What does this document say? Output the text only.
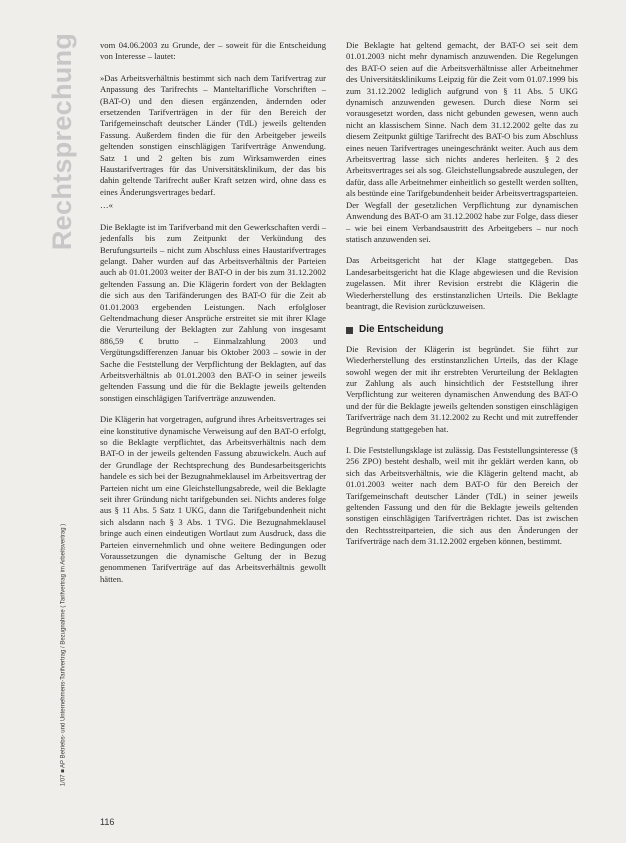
Rechtsprechung
1/07 ■ AP Betriebs- und Unternehmens-Tarifvertrag / Bezugnahme ( Tarifvertrag im Arbeitsvertrag )

vom 04.06.2003 zu Grunde, der – soweit für die Entscheidung von Interesse – lautet:

»Das Arbeitsverhältnis bestimmt sich nach dem Tarifvertrag zur Anpassung des Tarifrechts – Manteltarifliche Vorschriften – (BAT-O) und den diesen ergänzenden, ändernden oder ersetzenden Tarifverträgen in der für den Bereich der Tarifgemeinschaft deutscher Länder (TdL) jeweils geltenden Fassung. Außerdem finden die für den Arbeitgeber jeweils geltenden sonstigen einschlägigen Tarifverträge Anwendung. Satz 1 und 2 gelten bis zum Wirksamwerden eines Haustarifvertrages für das Universitätsklinikum, der das bis dahin geltende Tarifrecht außer Kraft setzen wird, ohne dass es eines Änderungsvertrages bedarf.

…«

Die Beklagte ist im Tarifverband mit den Gewerkschaften verdi – jedenfalls bis zum Zeitpunkt der Verkündung des Berufungsurteils – nicht zum Abschluss eines Haustarifvertrages gelangt. Daher wurden auf das Arbeitsverhältnis der Parteien auch ab 01.01.2003 weiter der BAT-O in der bis zum 31.12.2002 geltenden Fassung an. Die Klägerin fordert von der Beklagten die sich aus den Tarifänderungen des BAT-O für die Zeit ab 01.01.2003 ergebenden Leistungen. Nach erfolgloser Geltendmachung dieser Ansprüche erstreitet sie mit ihrer Klage die Verurteilung der Beklagten zur Zahlung von insgesamt 886,59 € brutto – Einmalzahlung 2003 und Vergütungsdifferenzen Januar bis Oktober 2003 – sowie in der Sache die Feststellung der Verpflichtung der Beklagten, auf das Arbeitsverhältnis ab 01.01.2003 den BAT-O in seiner jeweils geltenden Fassung und die für die Beklagte jeweils geltenden sonstigen einschlägigen Tarifverträge anzuwenden.

Die Klägerin hat vorgetragen, aufgrund ihres Arbeitsvertrages sei eine konstitutive dynamische Verweisung auf den BAT-O erfolgt, so die Beklagte verpflichtet, das Arbeitsverhältnis nach dem BAT-O in der jeweils geltenden Fassung abzuwickeln. Auch auf der Grundlage der Rechtsprechung des Bundesarbeitsgerichts handele es sich bei der Bezugnahmeklausel im Arbeitsvertrag der Parteien nicht um eine Gleichstellungsabrede, weil die Beklagte seit ihrer Gründung nicht tarifgebunden sei. Nichts anderes folge aus § 11 Abs. 5 Satz 1 UKG, dann die Tarifgebundenheit nicht sich alsdann nach § 3 Abs. 1 TVG. Die Bezugnahmeklausel bringe auch einen eindeutigen Wortlaut zum Ausdruck, dass die Parteien einvernehmlich und ohne weitere Bedingungen oder Voraussetzungen die dynamische Geltung der in Bezug genommenen Tarifverträge auf das Arbeitsverhältnis gewollt hätten.

Die Beklagte hat geltend gemacht, der BAT-O sei seit dem 01.01.2003 nicht mehr dynamisch anzuwenden. Die Regelungen des BAT-O seien auf die Arbeitsverhältnisse aller Arbeitnehmer des Universitätsklinikums Leipzig für die Zeit vom 01.07.1999 bis zum 31.12.2002 lediglich aufgrund von § 11 Abs. 5 UKG dynamisch anzuwenden gewesen. Durch diese Norm sei vorausgesetzt worden, dass nicht gebunden gewesen, wenn auch nicht an klassischem Sinne. Nach dem 31.12.2002 gelte das zu diesem Zeitpunkt gültige Tarifrecht des BAT-O bis zum Abschluss eines neuen Tarifvertrages uneingeschränkt weiter. Auch aus dem Arbeitsvertrag lasse sich nichts anderes herleiten. § 2 des Arbeitsvertrages sei als sog. Gleichstellungsabrede auszulegen, der dafür, dass alle Arbeitnehmer einheitlich so gestellt werden sollten, als bestünde eine Tarifgebundenheit beider Arbeitsvertragsparteien. Der Wegfall der gesetzlichen Verpflichtung zur dynamischen Anwendung des BAT-O am 31.12.2002 habe zur Folge, dass dieser – wie bei einem Verbandsaustritt des Arbeitgebers – nur noch statisch anzuwenden sei.

Das Arbeitsgericht hat der Klage stattgegeben. Das Landesarbeitsgericht hat die Klage abgewiesen und die Revision zugelassen. Mit ihrer Revision erstrebt die Klägerin die Wiederherstellung des erstinstanzlichen Urteils. Die Beklagte beantragt, die Revision zurückzuweisen.

Die Entscheidung

Die Revision der Klägerin ist begründet. Sie führt zur Wiederherstellung des erstinstanzlichen Urteils, das der Klage sowohl wegen der mit ihr erstrebten Verurteilung der Beklagten zur Zahlung als auch hinsichtlich der Feststellung ihrer Verpflichtung zur weiteren dynamischen Anwendung des BAT-O und der für die Beklagte jeweils geltenden sonstigen einschlägigen Tarifverträge nach dem 31.12.2002 zu Recht und mit zutreffender Begründung stattgegeben hat.

I. Die Feststellungsklage ist zulässig. Das Feststellungsinteresse (§ 256 ZPO) besteht deshalb, weil mit ihr geklärt werden kann, ob sich das Arbeitsverhältnis, wie die Klägerin geltend macht, ab 01.01.2003 weiter nach dem BAT-O für den Bereich der Tarifgemeinschaft deutscher Länder (TdL) in seiner jeweils geltenden Fassung und den für die Beklagte jeweils geltenden sonstigen einschlägigen Tarifverträgen richtet. Das ist zwischen den Rechtsstreitparteien, die sich aus den Änderungen der Tarifverträge nach dem 31.12.2002 ergeben können, bestimmt.

116
